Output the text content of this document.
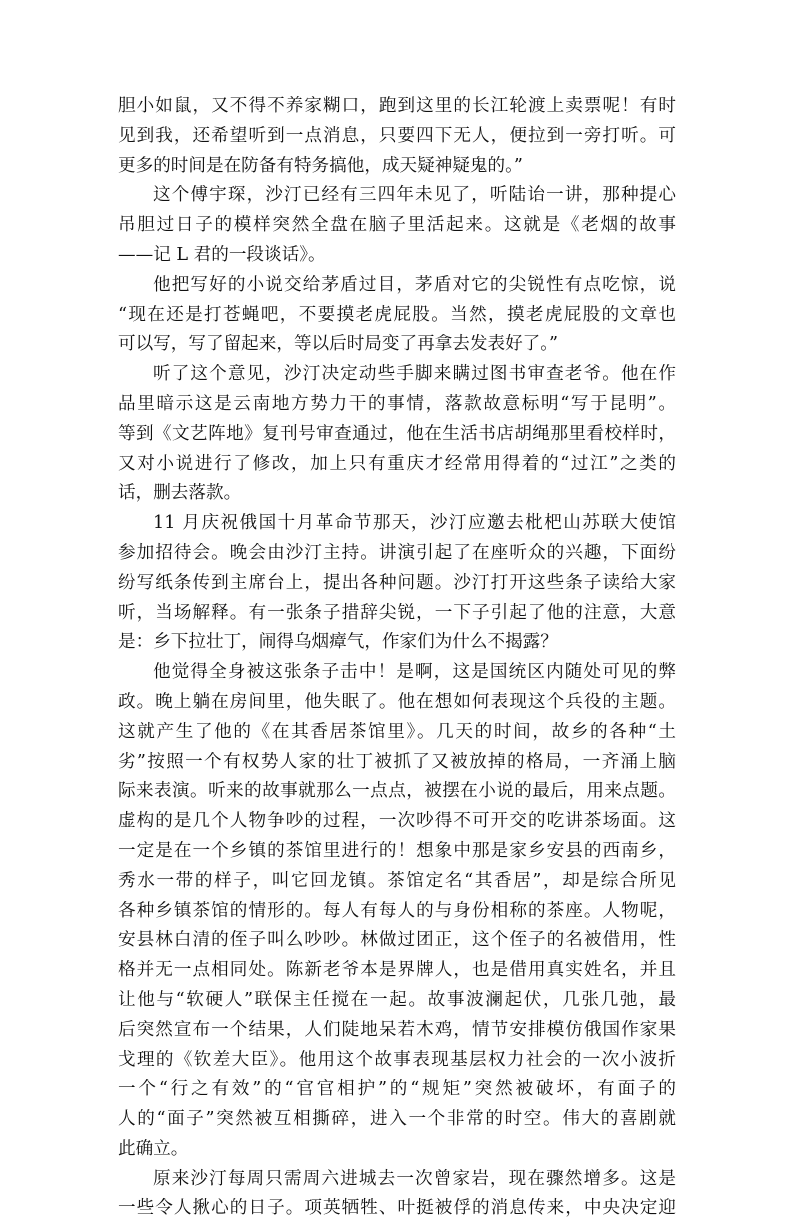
胆小如鼠，又不得不养家糊口，跑到这里的长江轮渡上卖票呢！有时
见到我，还希望听到一点消息，只要四下无人，便拉到一旁打听。可
更多的时间是在防备有特务搞他，成天疑神疑鬼的。”
这个傅宇琛，沙汀已经有三四年未见了，听陆诒一讲，那种提心
吊胆过日子的模样突然全盘在脑子里活起来。这就是《老烟的故事
——记 L 君的一段谈话》。
他把写好的小说交给茅盾过目，茅盾对它的尖锐性有点吃惊，说
“现在还是打苍蝇吧，不要摸老虎屁股。当然，摸老虎屁股的文章也
可以写，写了留起来，等以后时局变了再拿去发表好了。”
听了这个意见，沙汀决定动些手脚来瞒过图书审查老爷。他在作
品里暗示这是云南地方势力干的事情，落款故意标明“写于昆明”。
等到《文艺阵地》复刊号审查通过，他在生活书店胡绳那里看校样时，
又对小说进行了修改，加上只有重庆才经常用得着的“过江”之类的
话，删去落款。
11 月庆祝俄国十月革命节那天，沙汀应邀去枇杷山苏联大使馆
参加招待会。晚会由沙汀主持。讲演引起了在座听众的兴趣，下面纷
纷写纸条传到主席台上，提出各种问题。沙汀打开这些条子读给大家
听，当场解释。有一张条子措辞尖锐，一下子引起了他的注意，大意
是：乡下拉壮丁，闹得乌烟瘴气，作家们为什么不揭露？
他觉得全身被这张条子击中！是啊，这是国统区内随处可见的弊
政。晚上躺在房间里，他失眠了。他在想如何表现这个兵役的主题。
这就产生了他的《在其香居茶馆里》。几天的时间，故乡的各种“土
劣”按照一个有权势人家的壮丁被抓了又被放掉的格局，一齐涌上脑
际来表演。听来的故事就那么一点点，被摆在小说的最后，用来点题。
虚构的是几个人物争吵的过程，一次吵得不可开交的吃讲茶场面。这
一定是在一个乡镇的茶馆里进行的！想象中那是家乡安县的西南乡，
秀水一带的样子，叫它回龙镇。茶馆定名“其香居”，却是综合所见
各种乡镇茶馆的情形的。每人有每人的与身份相称的茶座。人物呢，
安县林白清的侄子叫么吵吵。林做过团正，这个侄子的名被借用，性
格并无一点相同处。陈新老爷本是界牌人，也是借用真实姓名，并且
让他与“软硬人”联保主任搅在一起。故事波澜起伏，几张几弛，最
后突然宣布一个结果，人们陡地呆若木鸡，情节安排模仿俄国作家果
戈理的《钦差大臣》。他用这个故事表现基层权力社会的一次小波折
一个“行之有效”的“官官相护”的“规矩”突然被破坏，有面子的
人的“面子”突然被互相撕碎，进入一个非常的时空。伟大的喜剧就
此确立。
原来沙汀每周只需周六进城去一次曾家岩，现在骤然增多。这是
一些令人揪心的日子。项英牺牲、叶挺被俘的消息传来，中央决定迎
